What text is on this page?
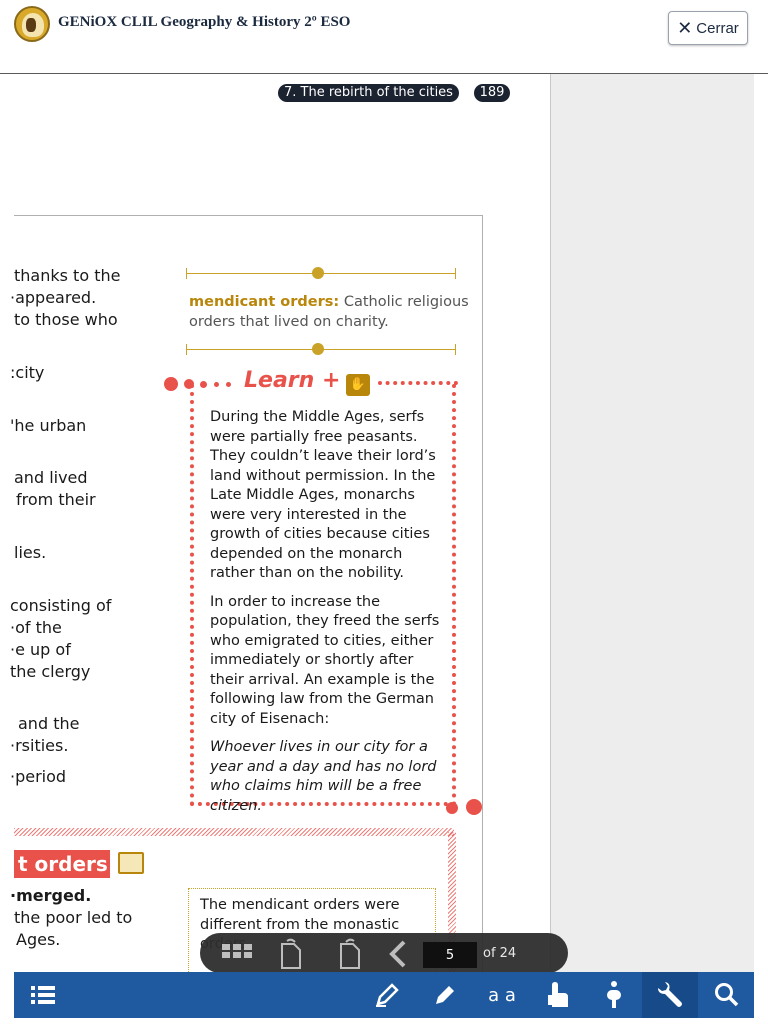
GENiOX CLIL Geography & History 2º ESO	✕ Cerrar
7. The rebirth of the cities	189
thanks to the
·appeared.
to those who
:city
'he urban
and lived
from their
lies.
consisting of
·of the
·e up of
the clergy
and the
·rsities.
·period
mendicant orders: Catholic religious orders that lived on charity.
Learn + ✋

During the Middle Ages, serfs were partially free peasants. They couldn’t leave their lord’s land without permission. In the Late Middle Ages, monarchs were very interested in the growth of cities because cities depended on the monarch rather than on the nobility.

In order to increase the population, they freed the serfs who emigrated to cities, either immediately or shortly after their arrival. An example is the following law from the German city of Eisenach:

Whoever lives in our city for a year and a day and has no lord who claims him will be a free citizen.

t orders
·merged.
the poor led to
Ages.
The mendicant orders were different from the monastic
5
of 24
a a
